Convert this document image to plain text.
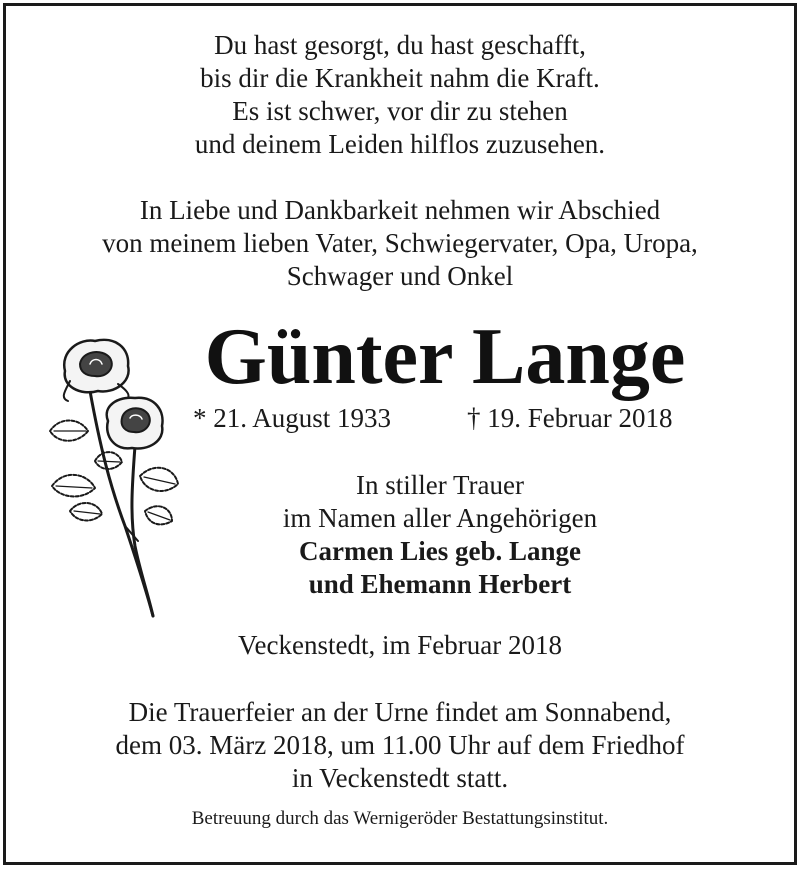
Du hast gesorgt, du hast geschafft,
bis dir die Krankheit nahm die Kraft.
Es ist schwer, vor dir zu stehen
und deinem Leiden hilflos zuzusehen.
In Liebe und Dankbarkeit nehmen wir Abschied
von meinem lieben Vater, Schwiegervater, Opa, Uropa,
Schwager und Onkel
Günter Lange
* 21. August 1933	† 19. Februar 2018
In stiller Trauer
im Namen aller Angehörigen
Carmen Lies geb. Lange
und Ehemann Herbert
Veckenstedt, im Februar 2018
Die Trauerfeier an der Urne findet am Sonnabend,
dem 03. März 2018, um 11.00 Uhr auf dem Friedhof
in Veckenstedt statt.
Betreuung durch das Wernigeröder Bestattungsinstitut.
